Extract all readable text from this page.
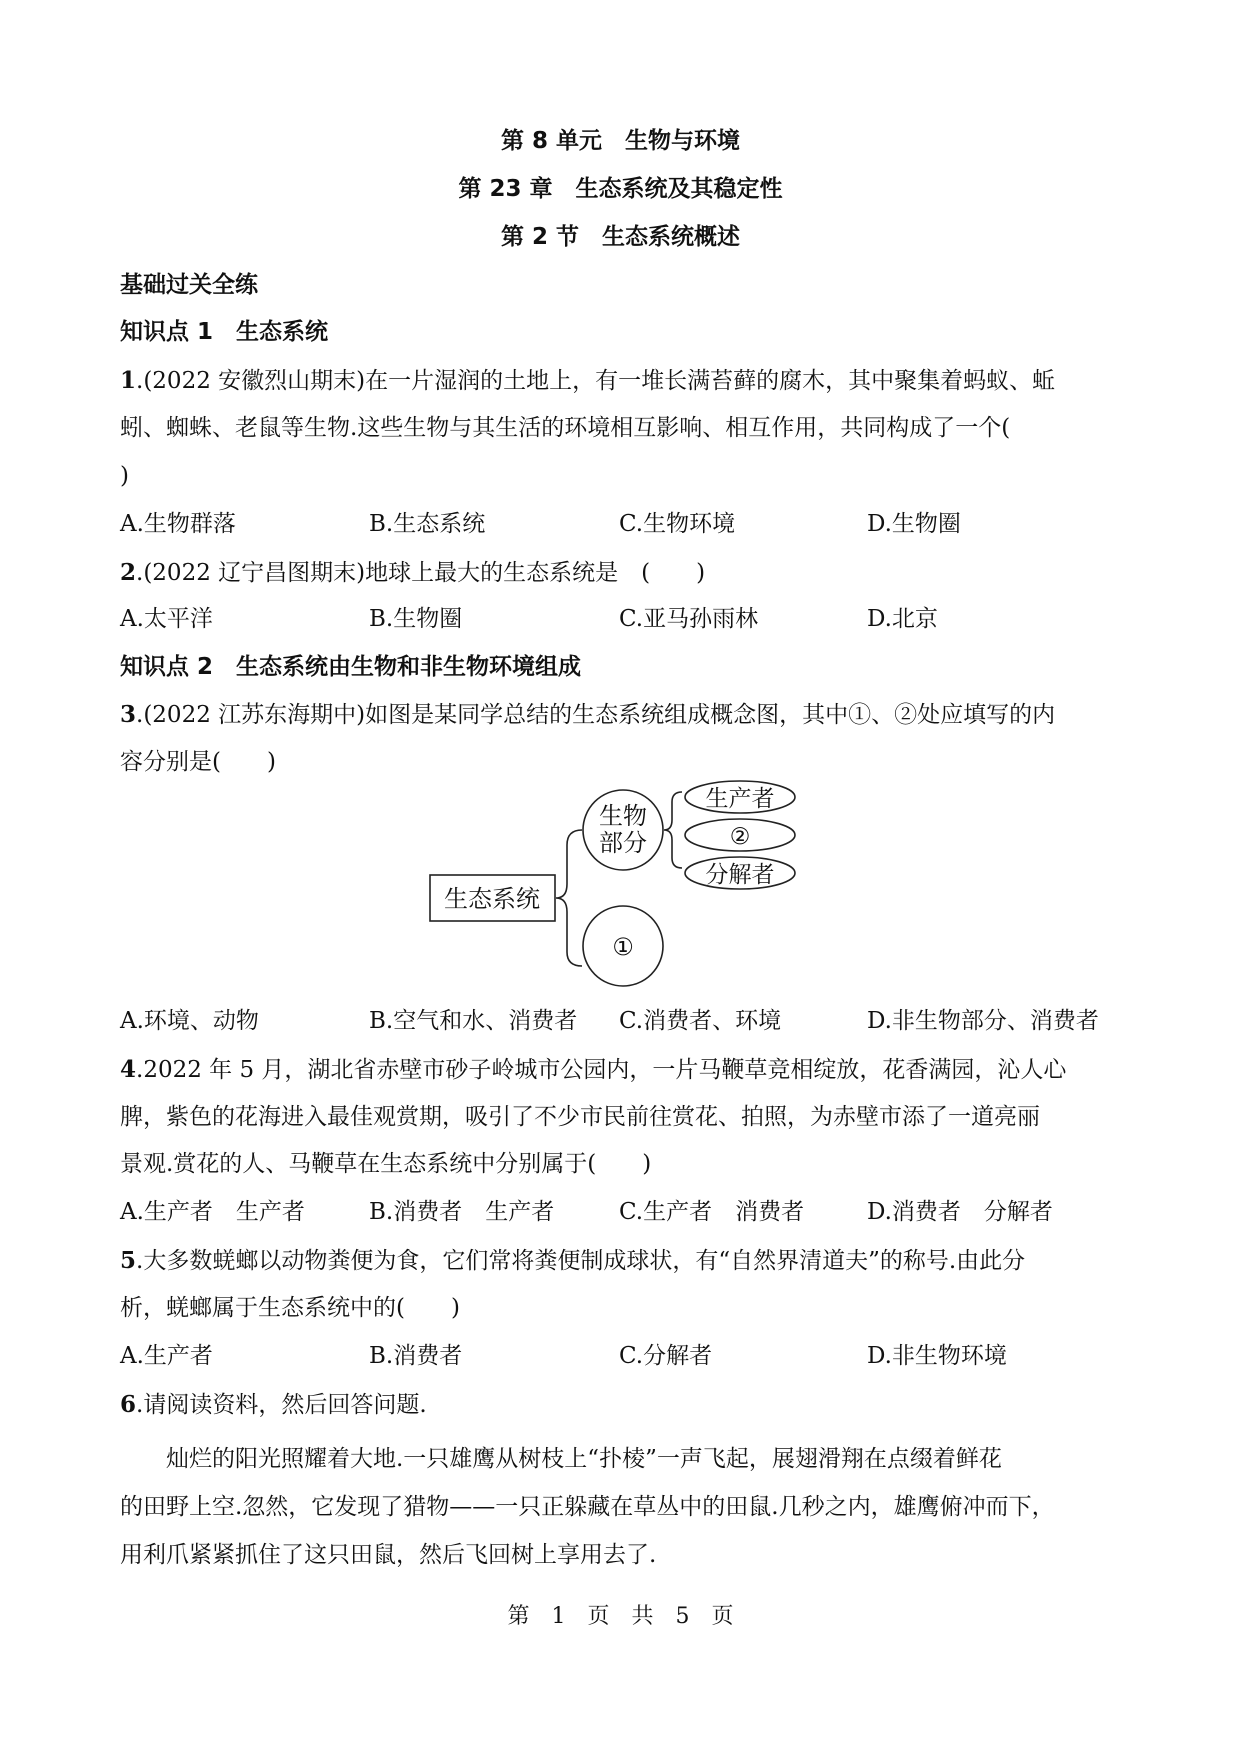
第 8 单元　生物与环境
第 23 章　生态系统及其稳定性
第 2 节　生态系统概述
基础过关全练
知识点 1　生态系统
1.(2022 安徽烈山期末)在一片湿润的土地上，有一堆长满苔藓的腐木，其中聚集着蚂蚁、蚯
蚓、蜘蛛、老鼠等生物.这些生物与其生活的环境相互影响、相互作用，共同构成了一个(
)
A.生物群落	B.生态系统	C.生物环境	D.生物圈
2.(2022 辽宁昌图期末)地球上最大的生态系统是　(　　)
A.太平洋	B.生物圈	C.亚马孙雨林	D.北京
知识点 2　生态系统由生物和非生物环境组成
3.(2022 江苏东海期中)如图是某同学总结的生态系统组成概念图，其中①、②处应填写的内
容分别是(　　)
生态系统
生物
部分
①
生产者
②
分解者
A.环境、动物	B.空气和水、消费者 C.消费者、环境	D.非生物部分、消费者
4.2022 年 5 月，湖北省赤壁市砂子岭城市公园内，一片马鞭草竞相绽放，花香满园，沁人心
脾，紫色的花海进入最佳观赏期，吸引了不少市民前往赏花、拍照，为赤壁市添了一道亮丽
景观.赏花的人、马鞭草在生态系统中分别属于(　　)
A.生产者　生产者	B.消费者　生产者	C.生产者　消费者	D.消费者　分解者
5.大多数蜣螂以动物粪便为食，它们常将粪便制成球状，有“自然界清道夫”的称号.由此分
析，蜣螂属于生态系统中的(　　)
A.生产者	B.消费者	C.分解者	D.非生物环境
6.请阅读资料，然后回答问题.
灿烂的阳光照耀着大地.一只雄鹰从树枝上“扑棱”一声飞起，展翅滑翔在点缀着鲜花
的田野上空.忽然，它发现了猎物——一只正躲藏在草丛中的田鼠.几秒之内，雄鹰俯冲而下，
用利爪紧紧抓住了这只田鼠，然后飞回树上享用去了.
第　1　页　共　5　页
